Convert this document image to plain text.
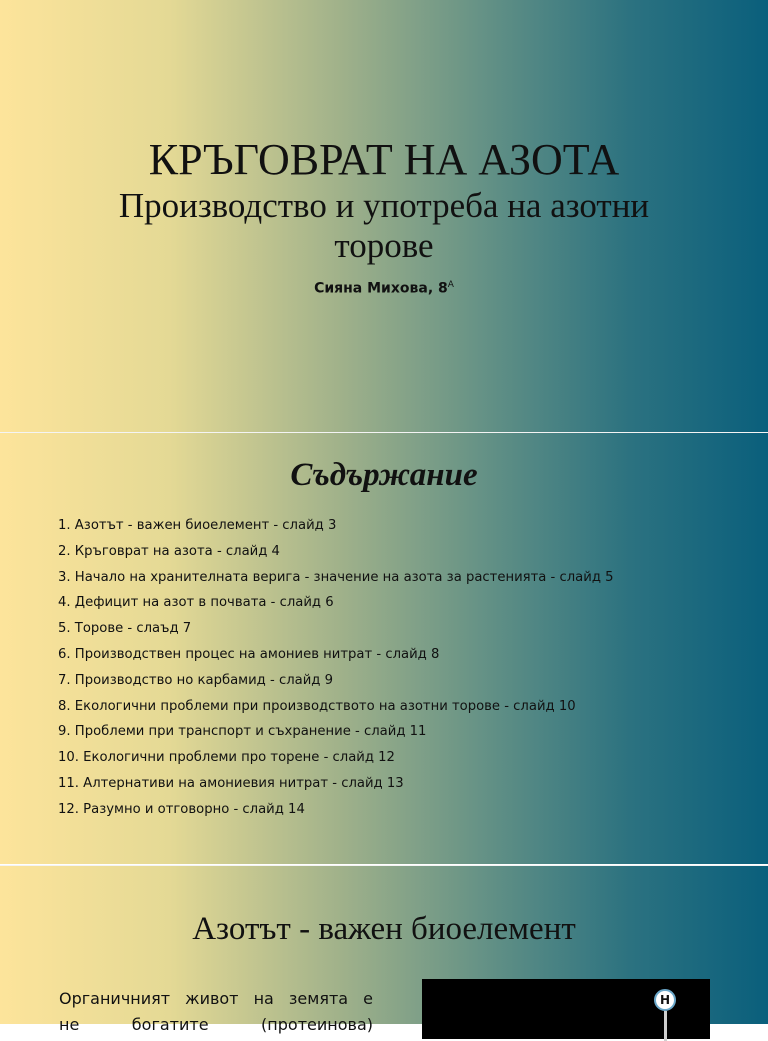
КРЪГОВРАТ НА АЗОТА
Производство и употреба на азотни торове
Сияна Михова, $8^А$
Съдържание
1. Азотът - важен биоелемент - слайд 3
2. Кръговрат на азота - слайд 4
3. Начало на хранителната верига - значение на азота за растенията - слайд 5
4. Дефицит на азот в почвата - слайд 6
5. Торове - слаъд 7
6. Производствен процес на амониев нитрат - слайд 8
7. Производство но карбамид - слайд 9
8. Екологични проблеми при производството на азотни торове - слайд 10
9. Проблеми при транспорт и съхранение - слайд 11
10. Екологични проблеми про торене - слайд 12
11. Алтернативи на амониевия нитрат - слайд 13
12. Разумно и отговорно - слайд 14
Азотът - важен биоелемент
Органичният живот на земята е
не богатите (протеинова)
H
